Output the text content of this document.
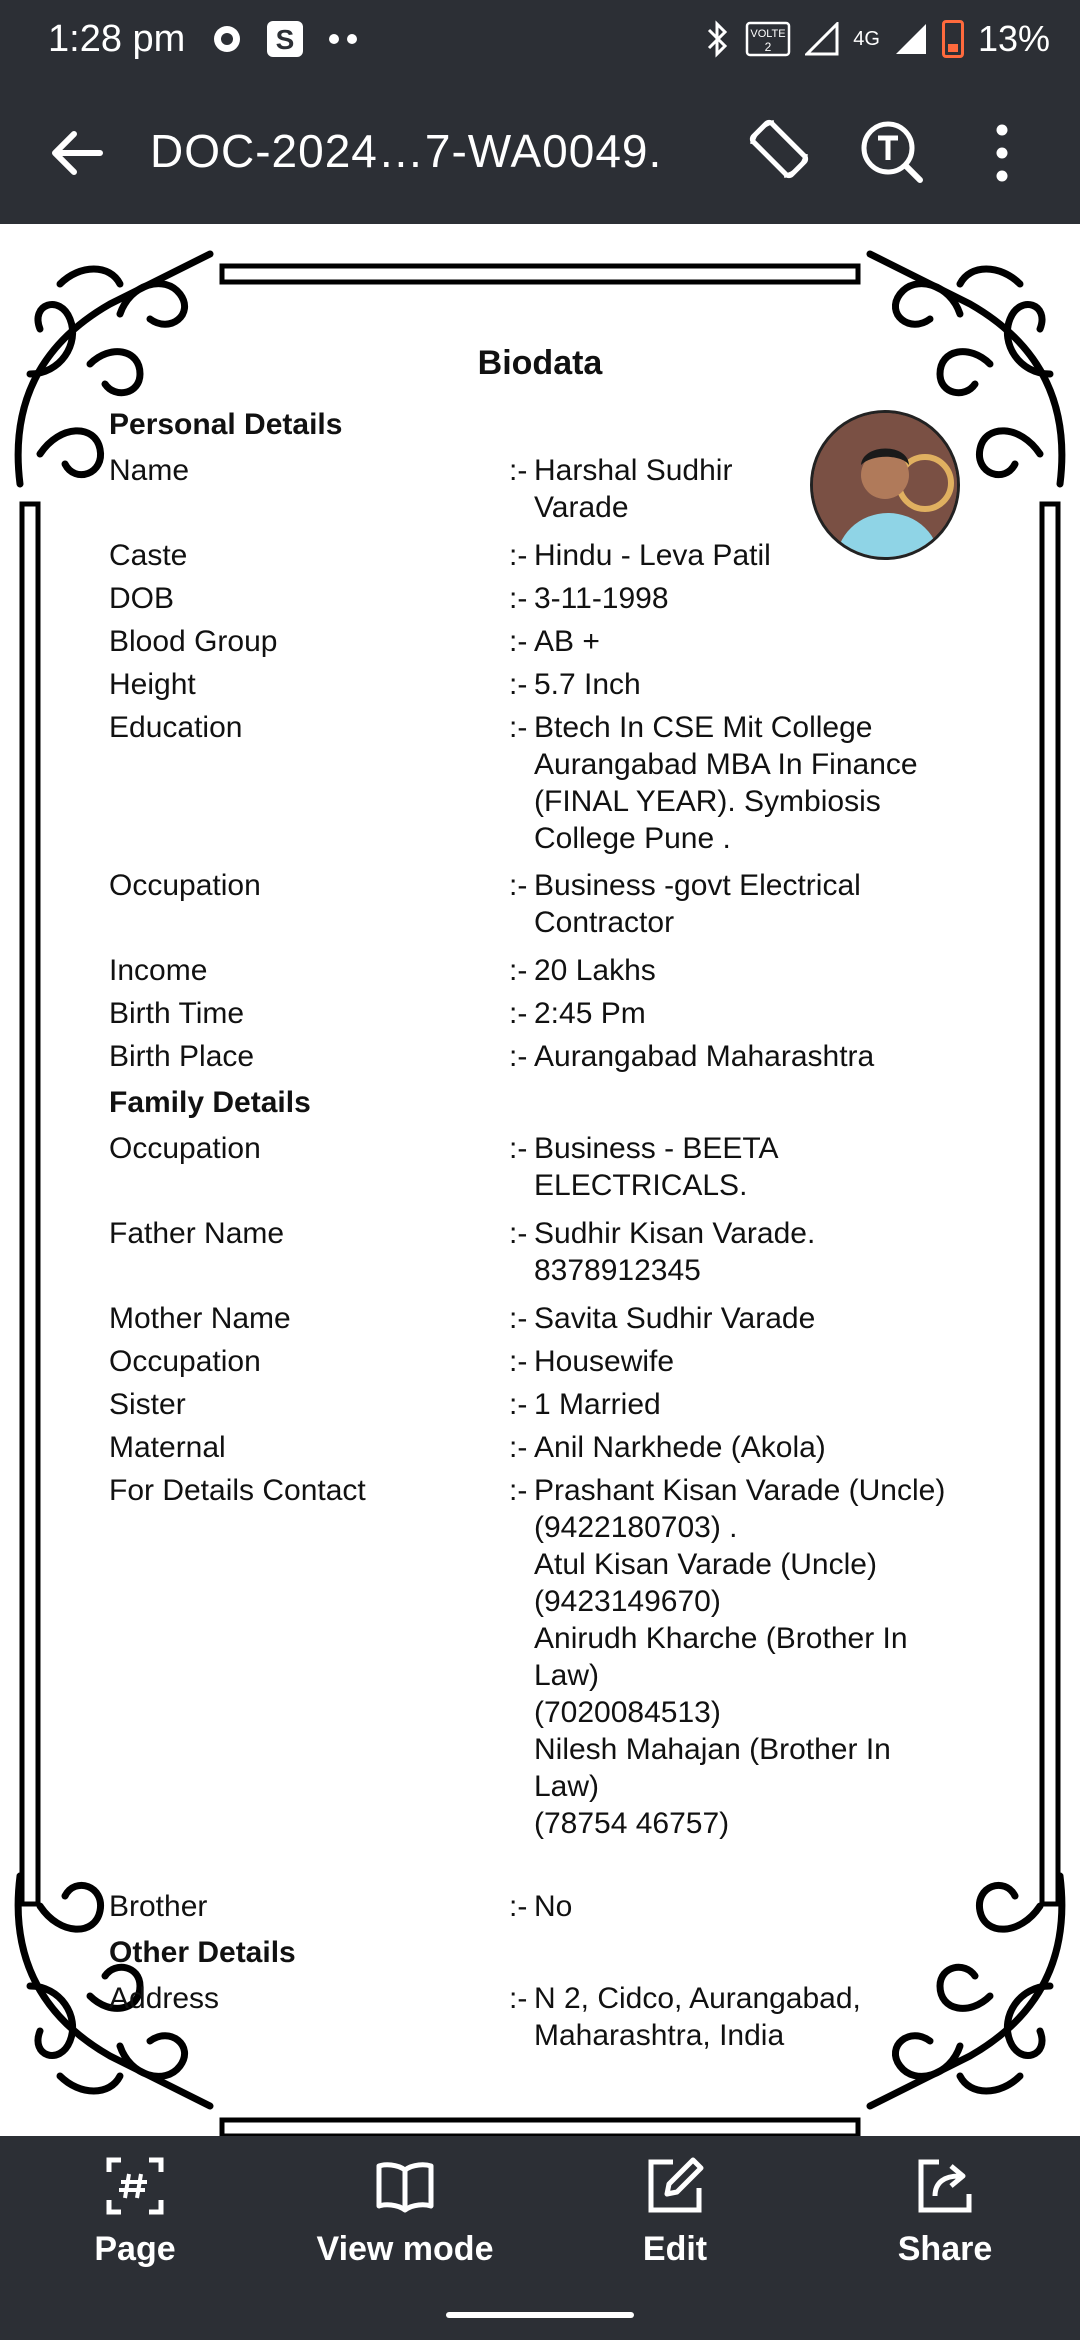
1:28 pm	S	VOLTE
2	4G	13%
DOC-2024…7-WA0049.
Biodata
Personal Details
Name	:- Harshal Sudhir
Varade
Caste	:- Hindu - Leva Patil
DOB	:- 3-11-1998
Blood Group	:- AB +
Height	:- 5.7 Inch
Education	:- Btech In CSE Mit College
Aurangabad MBA In Finance
(FINAL YEAR). Symbiosis
College Pune .
Occupation	:- Business -govt Electrical
Contractor
Income	:- 20 Lakhs
Birth Time	:- 2:45 Pm
Birth Place	:- Aurangabad Maharashtra
Family Details
Occupation	:- Business - BEETA
ELECTRICALS.
Father Name	:- Sudhir Kisan Varade.
8378912345
Mother Name	:- Savita Sudhir Varade
Occupation	:- Housewife
Sister	:- 1 Married
Maternal	:- Anil Narkhede (Akola)
For Details Contact	:- Prashant Kisan Varade (Uncle)
(9422180703) .
Atul Kisan Varade (Uncle)
(9423149670)
Anirudh Kharche (Brother In
Law)
(7020084513)
Nilesh Mahajan (Brother In
Law)
(78754 46757)
Brother	:- No
Other Details
Address	:- N 2, Cidco, Aurangabad,
Maharashtra, India
Page	View mode	Edit	Share
